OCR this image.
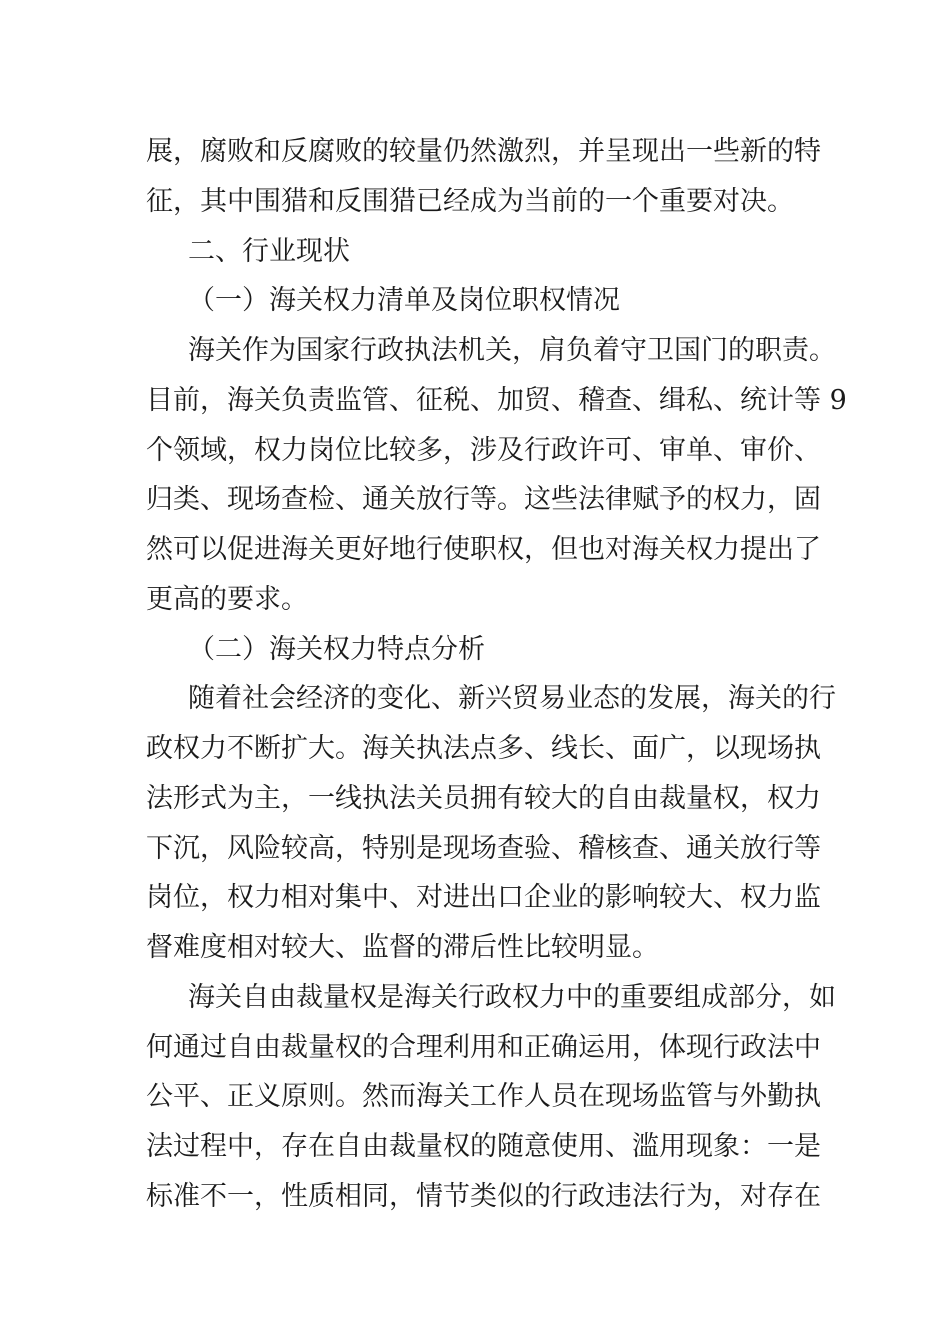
展，腐败和反腐败的较量仍然激烈，并呈现出一些新的特
征，其中围猎和反围猎已经成为当前的一个重要对决。
二、行业现状
（一）海关权力清单及岗位职权情况
海关作为国家行政执法机关，肩负着守卫国门的职责。
目前，海关负责监管、征税、加贸、稽查、缉私、统计等 9
个领域，权力岗位比较多，涉及行政许可、审单、审价、
归类、现场查检、通关放行等。这些法律赋予的权力，固
然可以促进海关更好地行使职权，但也对海关权力提出了
更高的要求。
（二）海关权力特点分析
随着社会经济的变化、新兴贸易业态的发展，海关的行
政权力不断扩大。海关执法点多、线长、面广，以现场执
法形式为主，一线执法关员拥有较大的自由裁量权，权力
下沉，风险较高，特别是现场查验、稽核查、通关放行等
岗位，权力相对集中、对进出口企业的影响较大、权力监
督难度相对较大、监督的滞后性比较明显。
海关自由裁量权是海关行政权力中的重要组成部分，如
何通过自由裁量权的合理利用和正确运用，体现行政法中
公平、正义原则。然而海关工作人员在现场监管与外勤执
法过程中，存在自由裁量权的随意使用、滥用现象：一是
标准不一，性质相同，情节类似的行政违法行为，对存在
